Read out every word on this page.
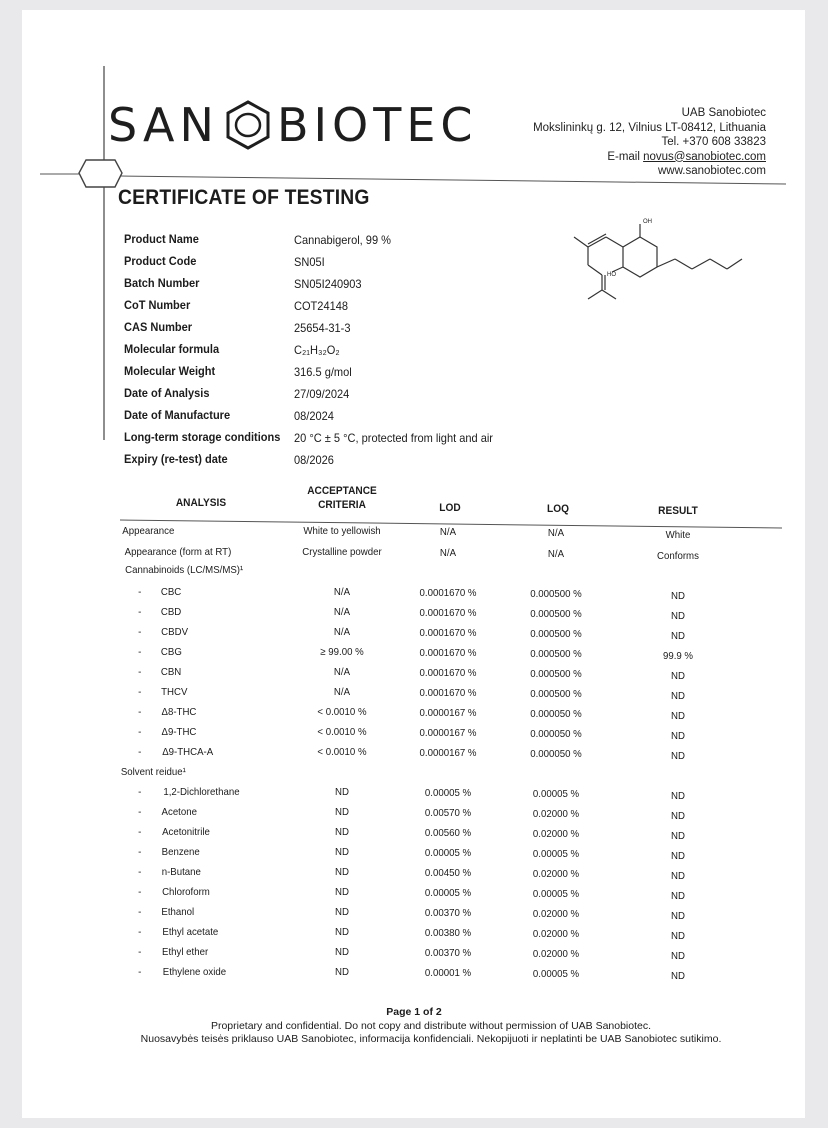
SAN BIOTEC	UAB Sanobiotec
Mokslininkų g. 12, Vilnius LT-08412, Lithuania
Tel. +370 608 33823
E-mail novus@sanobiotec.com
www.sanobiotec.com
CERTIFICATE OF TESTING
Product Name	Cannabigerol, 99 %
Product Code	SN05I
Batch Number	SN05I240903
CoT Number	COT24148
CAS Number	25654-31-3
Molecular formula	C₂₁H₃₂O₂
Molecular Weight	316.5 g/mol
Date of Analysis	27/09/2024
Date of Manufacture	08/2024
Long-term storage conditions 20 °C ± 5 °C, protected from light and air
Expiry (re-test) date	08/2026
OH
HO
ANALYSIS
ACCEPTANCE
CRITERIA	LOD	LOQ	RESULT
Appearance	White to yellowish	N/A	N/A	White
Appearance (form at RT)	Crystalline powder	N/A	N/A	Conforms
Cannabinoids (LC/MS/MS)¹
- CBC	N/A	0.0001670 %	0.000500 %	ND
- CBD	N/A	0.0001670 %	0.000500 %	ND
- CBDV	N/A	0.0001670 %	0.000500 %	ND
- CBG	≥ 99.00 %	0.0001670 %	0.000500 %	99.9 %
- CBN	N/A	0.0001670 %	0.000500 %	ND
- THCV	N/A	0.0001670 %	0.000500 %	ND
- Δ8-THC	< 0.0010 %	0.0000167 %	0.000050 %	ND
- Δ9-THC	< 0.0010 %	0.0000167 %	0.000050 %	ND
- Δ9-THCA-A	< 0.0010 %	0.0000167 %	0.000050 %	ND
Solvent reidue¹
- 1,2-Dichlorethane	ND	0.00005 %	0.00005 %	ND
- Acetone	ND	0.00570 %	0.02000 %	ND
- Acetonitrile	ND	0.00560 %	0.02000 %	ND
- Benzene	ND	0.00005 %	0.00005 %	ND
- n-Butane	ND	0.00450 %	0.02000 %	ND
- Chloroform	ND	0.00005 %	0.00005 %	ND
- Ethanol	ND	0.00370 %	0.02000 %	ND
- Ethyl acetate	ND	0.00380 %	0.02000 %	ND
- Ethyl ether	ND	0.00370 %	0.02000 %	ND
- Ethylene oxide	ND	0.00001 %	0.00005 %	ND
Page 1 of 2
Proprietary and confidential. Do not copy and distribute without permission of UAB Sanobiotec.
Nuosavybės teisės priklauso UAB Sanobiotec, informacija konfidenciali. Nekopijuoti ir neplatinti be UAB Sanobiotec sutikimo.
